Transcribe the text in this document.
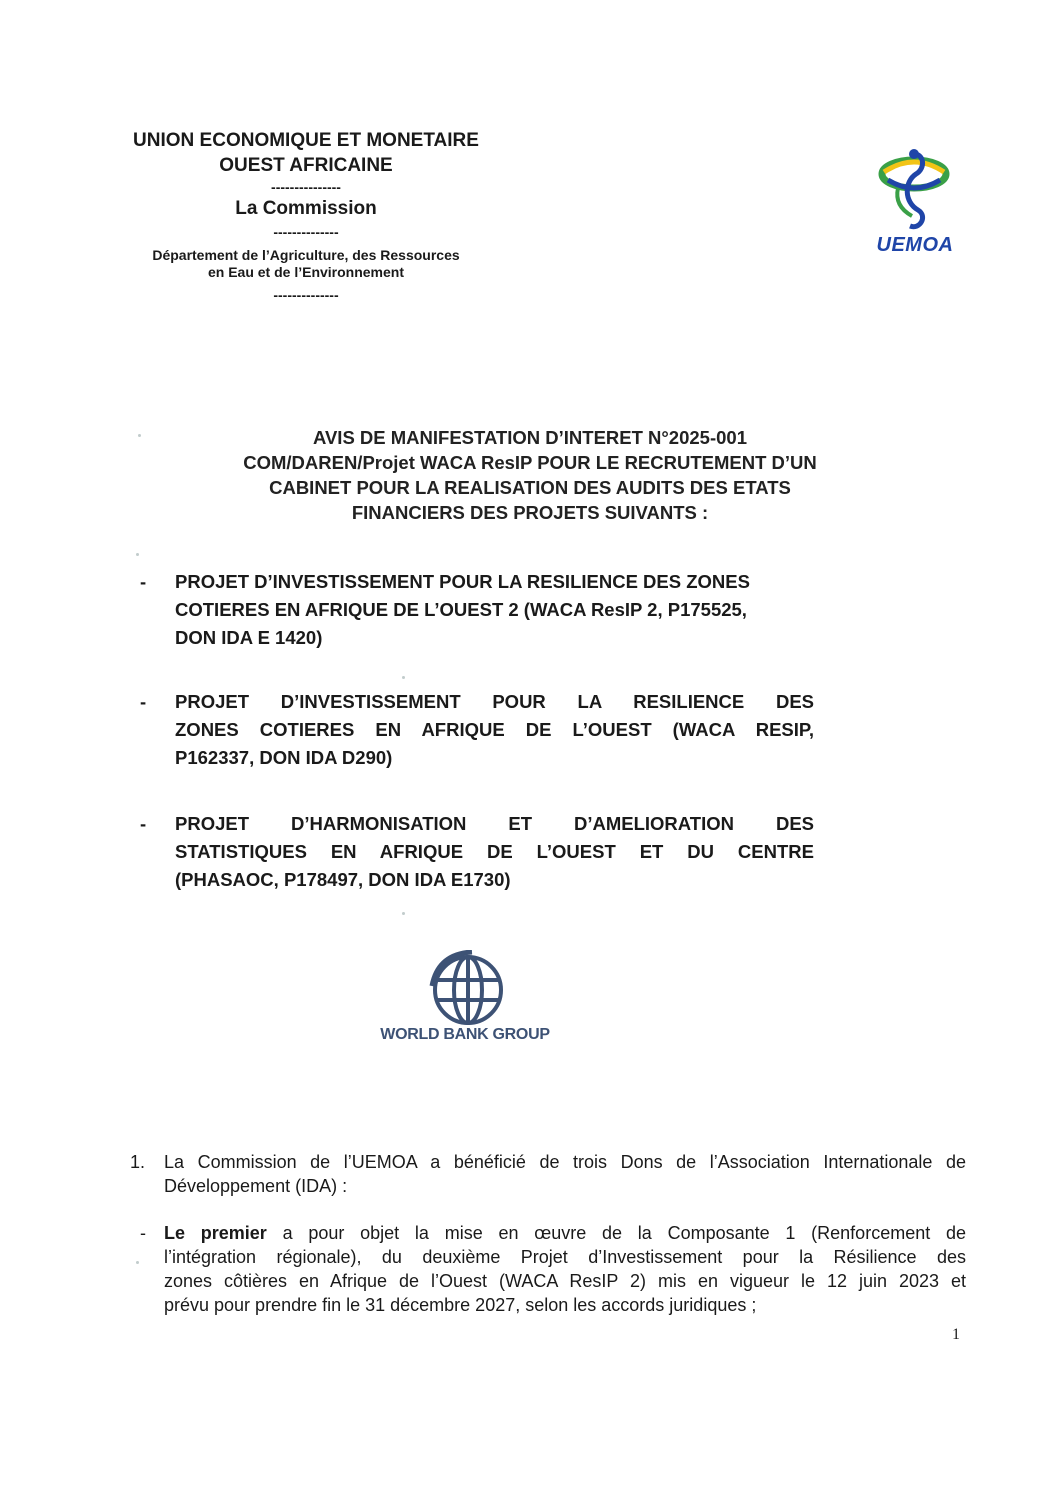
UNION ECONOMIQUE ET MONETAIRE
OUEST AFRICAINE
---------------
La Commission
--------------
Département de l’Agriculture, des Ressources
en Eau et de l’Environnement
--------------
UEMOA
AVIS DE MANIFESTATION D’INTERET N°2025-001
COM/DAREN/Projet WACA ResIP POUR LE RECRUTEMENT D’UN
CABINET POUR LA REALISATION DES AUDITS DES ETATS
FINANCIERS DES PROJETS SUIVANTS :
-	PROJET D’INVESTISSEMENT POUR LA RESILIENCE DES ZONES
COTIERES EN AFRIQUE DE L’OUEST 2 (WACA ResIP 2, P175525,
DON IDA E 1420)
-	PROJET D’INVESTISSEMENT POUR LA RESILIENCE DES
ZONES COTIERES EN AFRIQUE DE L’OUEST (WACA RESIP,
P162337, DON IDA D290)
-	PROJET D’HARMONISATION ET D’AMELIORATION DES
STATISTIQUES EN AFRIQUE DE L’OUEST ET DU CENTRE
(PHASAOC, P178497, DON IDA E1730)
WORLD BANK GROUP
1. La Commission de l’UEMOA a bénéficié de trois Dons de l’Association Internationale de
Développement (IDA) :
- Le premier a pour objet la mise en œuvre de la Composante 1 (Renforcement de
l’intégration régionale), du deuxième Projet d’Investissement pour la Résilience des
zones côtières en Afrique de l’Ouest (WACA ResIP 2) mis en vigueur le 12 juin 2023 et
prévu pour prendre fin le 31 décembre 2027, selon les accords juridiques ;
1
